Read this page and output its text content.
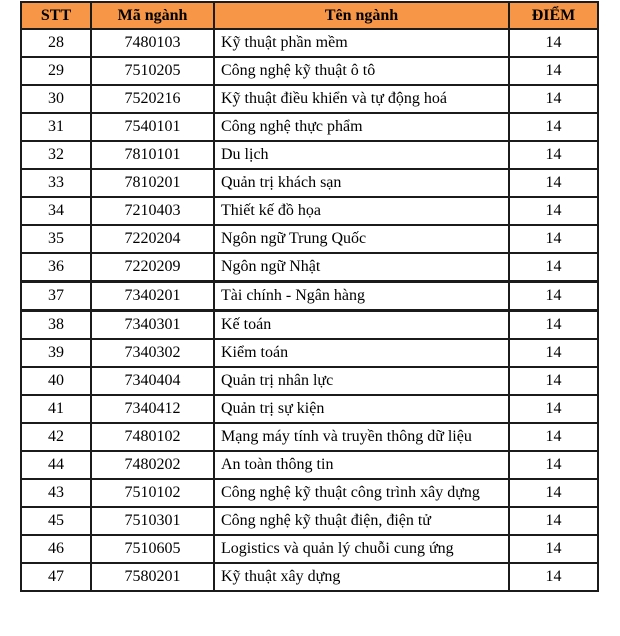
STT	Mã ngành	Tên ngành	ĐIỂM
28	7480103	Kỹ thuật phần mềm	14
29	7510205	Công nghệ kỹ thuật ô tô	14
30	7520216	Kỹ thuật điều khiển và tự động hoá	14
31	7540101	Công nghệ thực phẩm	14
32	7810101	Du lịch	14
33	7810201	Quản trị khách sạn	14
34	7210403	Thiết kế đồ họa	14
35	7220204	Ngôn ngữ Trung Quốc	14
36	7220209	Ngôn ngữ Nhật	14
37	7340201	Tài chính - Ngân hàng	14
38	7340301	Kế toán	14
39	7340302	Kiểm toán	14
40	7340404	Quản trị nhân lực	14
41	7340412	Quản trị sự kiện	14
42	7480102	Mạng máy tính và truyền thông dữ liệu	14
44	7480202	An toàn thông tin	14
43	7510102	Công nghệ kỹ thuật công trình xây dựng	14
45	7510301	Công nghệ kỹ thuật điện, điện tử	14
46	7510605	Logistics và quản lý chuỗi cung ứng	14
47	7580201	Kỹ thuật xây dựng	14
